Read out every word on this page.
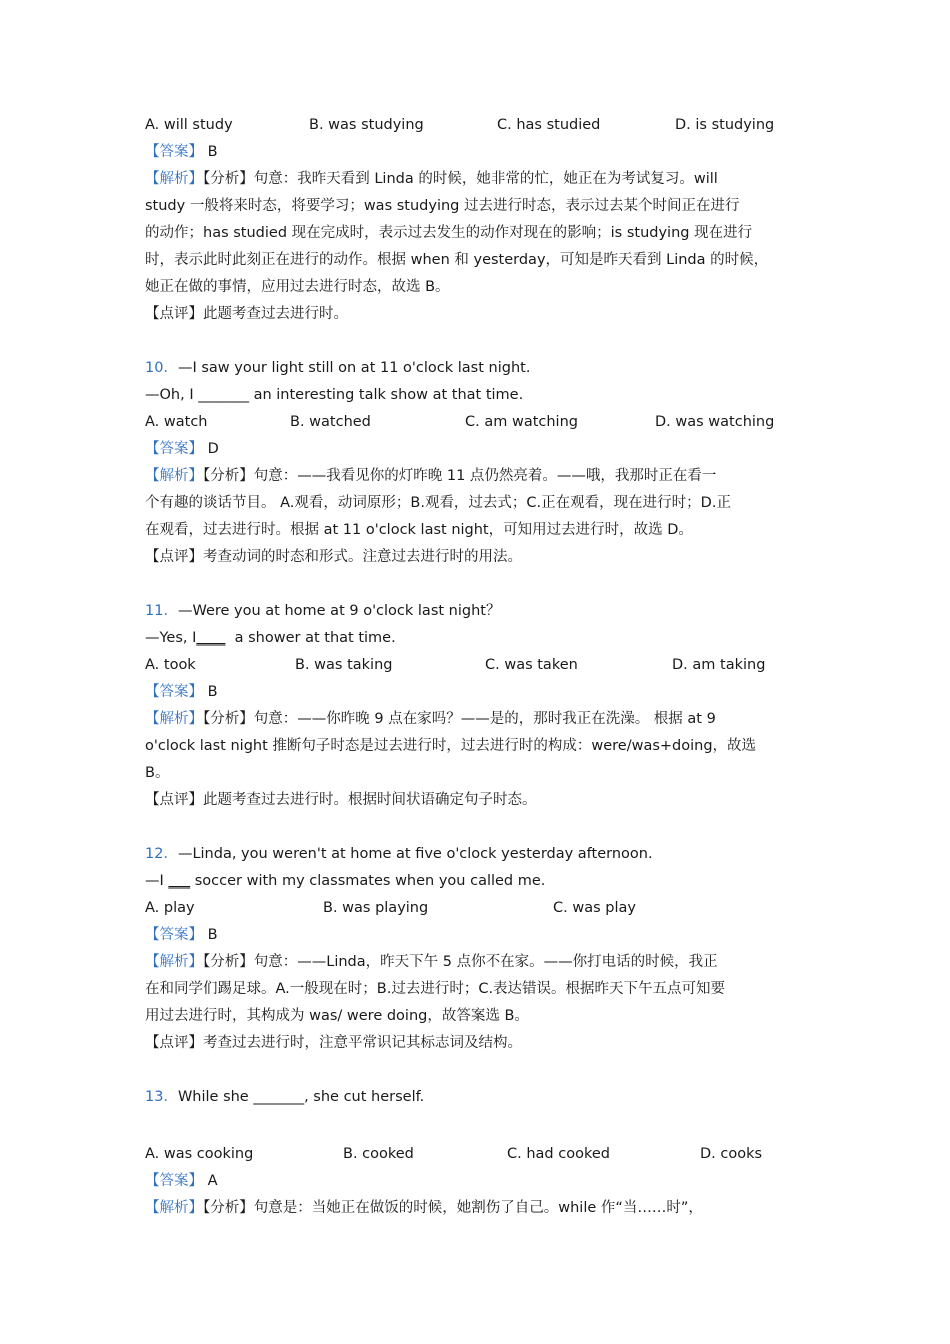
A. will study	B. was studying	C. has studied	D. is studying
【答案】 B
【解析】【分析】句意：我昨天看到 Linda 的时候，她非常的忙，她正在为考试复习。will
study 一般将来时态，将要学习；was studying 过去进行时态，表示过去某个时间正在进行
的动作；has studied 现在完成时，表示过去发生的动作对现在的影响；is studying 现在进行
时，表示此时此刻正在进行的动作。根据 when 和 yesterday，可知是昨天看到 Linda 的时候，
她正在做的事情，应用过去进行时态，故选 B。
【点评】此题考查过去进行时。
10．—I saw your light still on at 11 o'clock last night.
—Oh, I _______ an interesting talk show at that time.
A. watch	B. watched	C. am watching	D. was watching
【答案】 D
【解析】【分析】句意：——我看见你的灯昨晚 11 点仍然亮着。——哦，我那时正在看一
个有趣的谈话节目。 A.观看，动词原形；B.观看，过去式；C.正在观看，现在进行时；D.正
在观看，过去进行时。根据 at 11 o'clock last night，可知用过去进行时，故选 D。
【点评】考查动词的时态和形式。注意过去进行时的用法。
11．—Were you at home at 9 o'clock last night？
—Yes, I____  a shower at that time.
A. took	B. was taking	C. was taken	D. am taking
【答案】 B
【解析】【分析】句意：——你昨晚 9 点在家吗？——是的，那时我正在洗澡。 根据 at 9
o'clock last night 推断句子时态是过去进行时，过去进行时的构成：were/was+doing，故选
B。
【点评】此题考查过去进行时。根据时间状语确定句子时态。
12．—Linda, you weren't at home at five o'clock yesterday afternoon.
—I ___ soccer with my classmates when you called me.
A. play	B. was playing	C. was play
【答案】 B
【解析】【分析】句意：——Linda，昨天下午 5 点你不在家。——你打电话的时候，我正
在和同学们踢足球。A.一般现在时；B.过去进行时；C.表达错误。根据昨天下午五点可知要
用过去进行时，其构成为 was/ were doing，故答案选 B。
【点评】考查过去进行时，注意平常识记其标志词及结构。
13．While she _______, she cut herself.
A. was cooking	B. cooked	C. had cooked	D. cooks
【答案】 A
【解析】【分析】句意是：当她正在做饭的时候，她割伤了自己。while 作“当……时”，
